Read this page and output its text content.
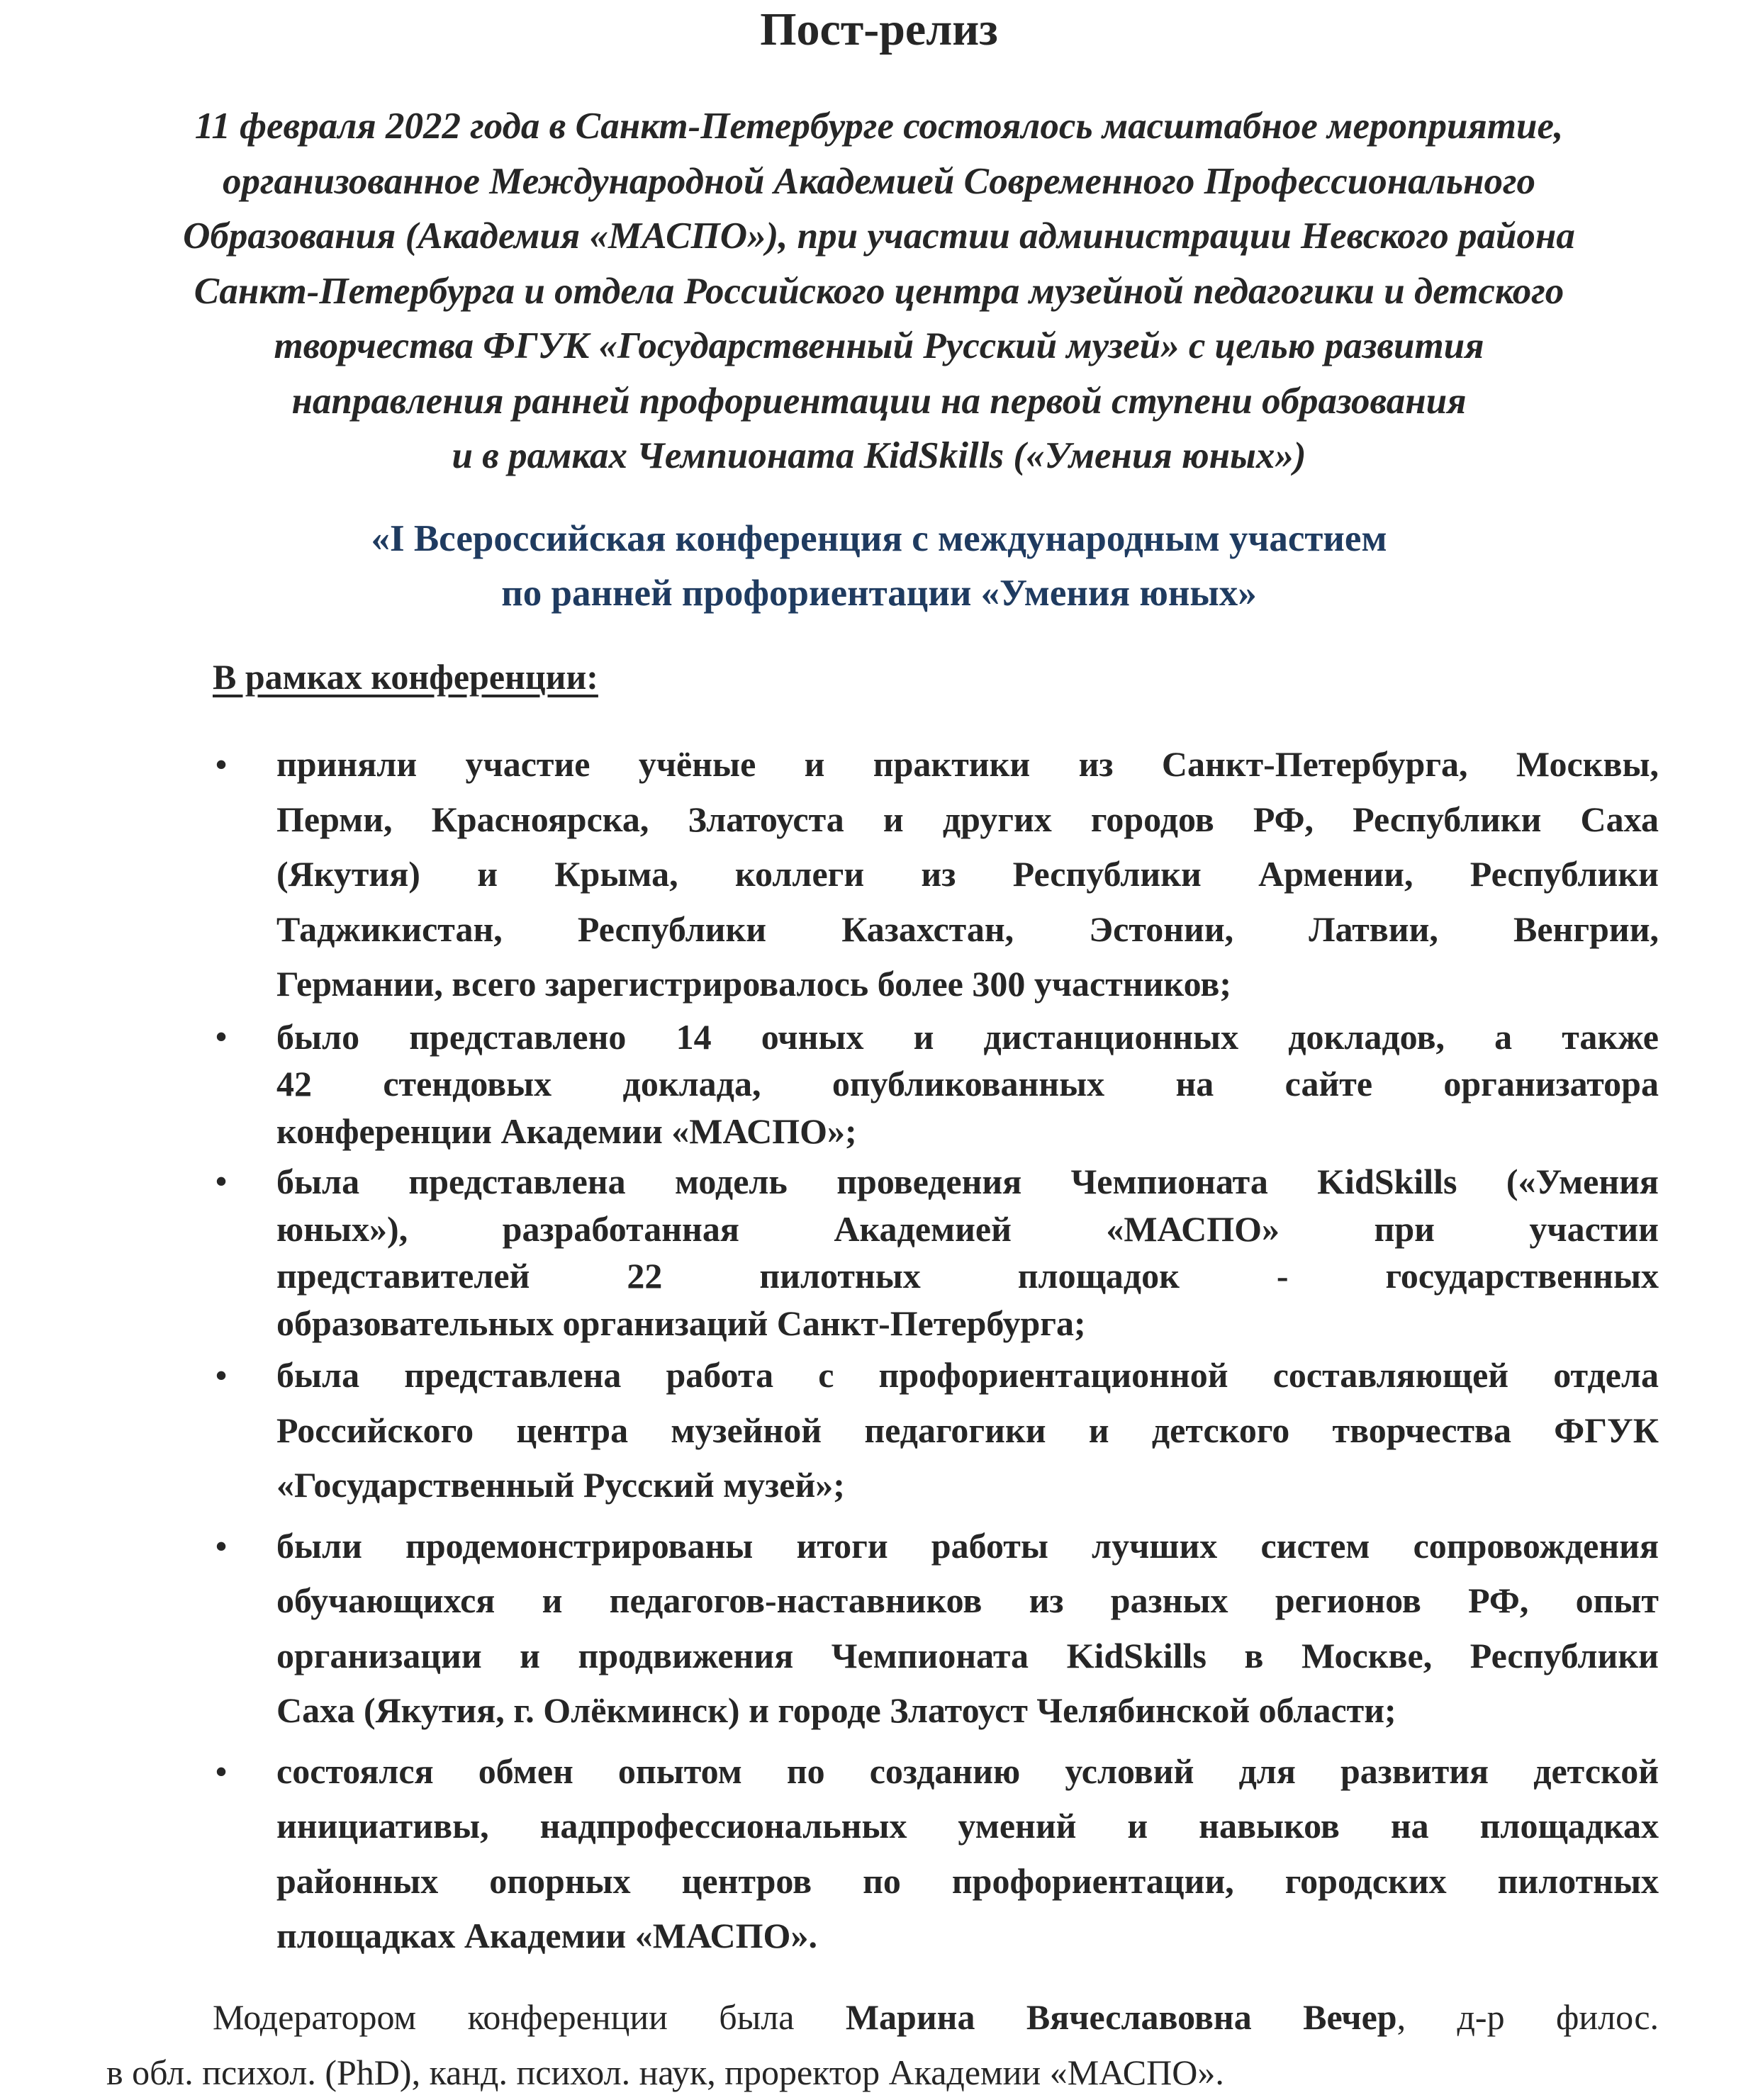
Пост-релиз
11 февраля 2022 года в Санкт-Петербурге состоялось масштабное мероприятие,
организованное Международной Академией Современного Профессионального
Образования (Академия «МАСПО»), при участии администрации Невского района
Санкт-Петербурга и отдела Российского центра музейной педагогики и детского
творчества ФГУК «Государственный Русский музей» с целью развития
направления ранней профориентации на первой ступени образования
и в рамках Чемпионата KidSkills («Умения юных»)
«I Всероссийская конференция с международным участием
по ранней профориентации «Умения юных»
В рамках конференции:
• приняли участие учёные и практики из Санкт-Петербурга, Москвы,
Перми, Красноярска, Златоуста и других городов РФ, Республики Саха
(Якутия) и Крыма, коллеги из Республики Армении, Республики
Таджикистан, Республики Казахстан, Эстонии, Латвии, Венгрии,
Германии, всего зарегистрировалось более 300 участников;
• было представлено 14 очных и дистанционных докладов, а также
42 стендовых доклада, опубликованных на сайте организатора
конференции Академии «МАСПО»;
• была представлена модель проведения Чемпионата KidSkills («Умения
юных»), разработанная Академией «МАСПО» при участии
представителей 22 пилотных площадок - государственных
образовательных организаций Санкт-Петербурга;
• была представлена работа с профориентационной составляющей отдела
Российского центра музейной педагогики и детского творчества ФГУК
«Государственный Русский музей»;
• были продемонстрированы итоги работы лучших систем сопровождения
обучающихся и педагогов-наставников из разных регионов РФ, опыт
организации и продвижения Чемпионата KidSkills в Москве, Республики
Саха (Якутия, г. Олёкминск) и городе Златоуст Челябинской области;
• состоялся обмен опытом по созданию условий для развития детской
инициативы, надпрофессиональных умений и навыков на площадках
районных опорных центров по профориентации, городских пилотных
площадках Академии «МАСПО».
Модератором конференции была Марина Вячеславовна Вечер, д-р филос.
в обл. психол. (PhD), канд. психол. наук, проректор Академии «МАСПО».
